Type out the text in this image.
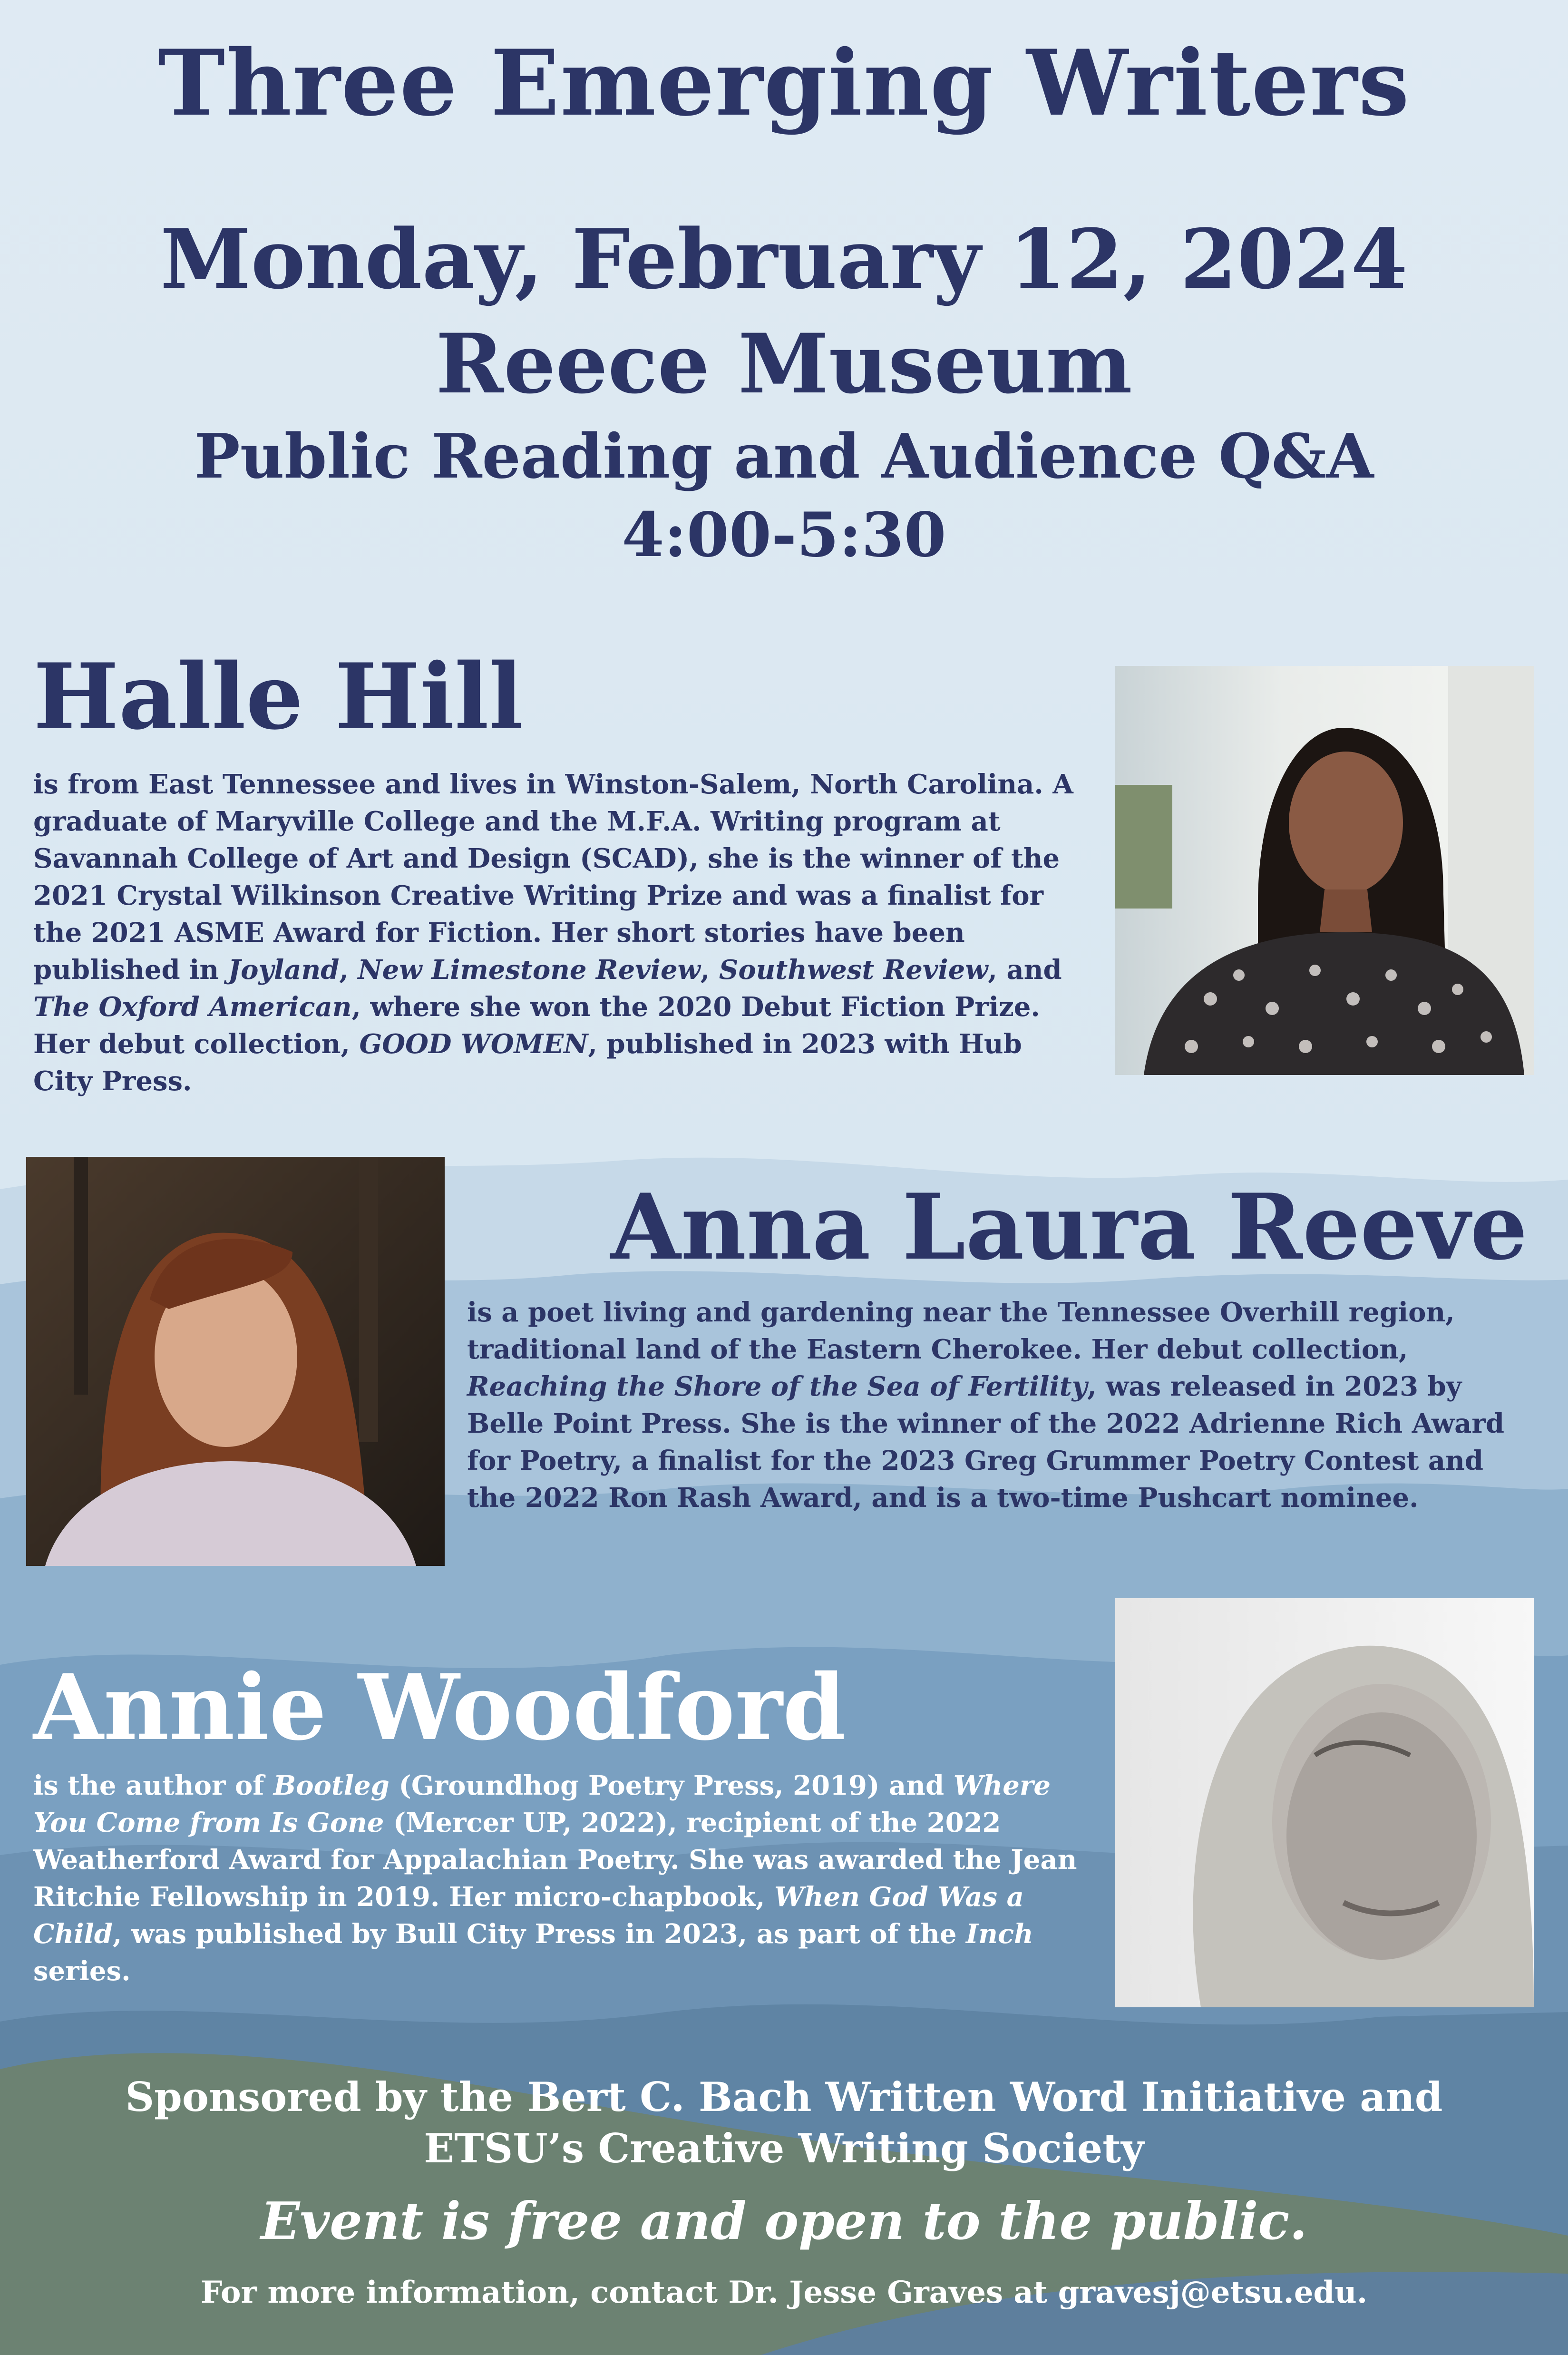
Three Emerging Writers
Monday, February 12, 2024
Reece Museum
Public Reading and Audience Q&A
4:00-5:30
Halle Hill
is from East Tennessee and lives in Winston-Salem, North Carolina. A graduate of Maryville College and the M.F.A. Writing program at Savannah College of Art and Design (SCAD), she is the winner of the 2021 Crystal Wilkinson Creative Writing Prize and was a finalist for the 2021 ASME Award for Fiction. Her short stories have been published in Joyland, New Limestone Review, Southwest Review, and The Oxford American, where she won the 2020 Debut Fiction Prize. Her debut collection, GOOD WOMEN, published in 2023 with Hub City Press.
Anna Laura Reeve
is a poet living and gardening near the Tennessee Overhill region, traditional land of the Eastern Cherokee. Her debut collection, Reaching the Shore of the Sea of Fertility, was released in 2023 by Belle Point Press. She is the winner of the 2022 Adrienne Rich Award for Poetry, a finalist for the 2023 Greg Grummer Poetry Contest and the 2022 Ron Rash Award, and is a two-time Pushcart nominee.
Annie Woodford
is the author of Bootleg (Groundhog Poetry Press, 2019) and Where You Come from Is Gone (Mercer UP, 2022), recipient of the 2022 Weatherford Award for Appalachian Poetry. She was awarded the Jean Ritchie Fellowship in 2019. Her micro-chapbook, When God Was a Child, was published by Bull City Press in 2023, as part of the Inch series.
Sponsored by the Bert C. Bach Written Word Initiative and
ETSU’s Creative Writing Society
Event is free and open to the public.
For more information, contact Dr. Jesse Graves at gravesj@etsu.edu.
